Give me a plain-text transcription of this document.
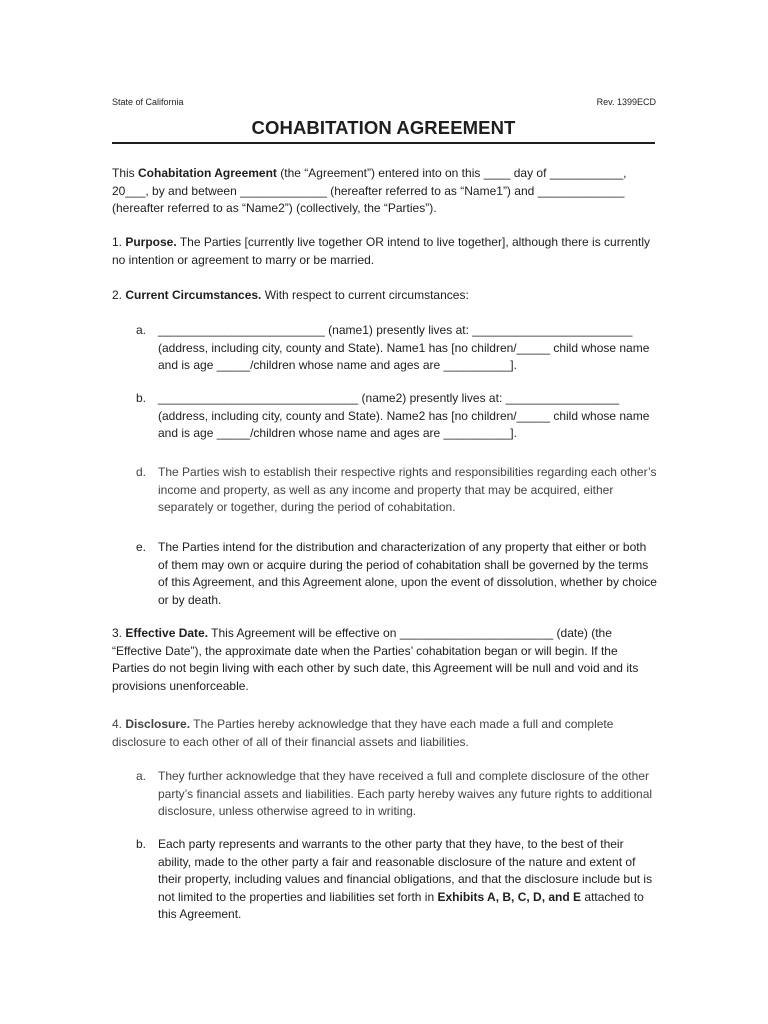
State of California	Rev. 1399ECD
COHABITATION AGREEMENT

This Cohabitation Agreement (the “Agreement”) entered into on this ____ day of ___________, 20___, by and between _____________ (hereafter referred to as “Name1”) and _____________ (hereafter referred to as “Name2”) (collectively, the “Parties”).

1. Purpose. The Parties [currently live together OR intend to live together], although there is currently no intention or agreement to marry or be married.

2. Current Circumstances. With respect to current circumstances:

a. _________________________ (name1) presently lives at: ________________________ (address, including city, county and State). Name1 has [no children/_____ child whose name and is age _____/children whose name and ages are __________].

b. ______________________________ (name2) presently lives at: _________________ (address, including city, county and State). Name2 has [no children/_____ child whose name and is age _____/children whose name and ages are __________].

d. The Parties wish to establish their respective rights and responsibilities regarding each other’s income and property, as well as any income and property that may be acquired, either separately or together, during the period of cohabitation.

e. The Parties intend for the distribution and characterization of any property that either or both of them may own or acquire during the period of cohabitation shall be governed by the terms of this Agreement, and this Agreement alone, upon the event of dissolution, whether by choice or by death.

3. Effective Date. This Agreement will be effective on _______________________ (date) (the “Effective Date”), the approximate date when the Parties’ cohabitation began or will begin. If the Parties do not begin living with each other by such date, this Agreement will be null and void and its provisions unenforceable.

4. Disclosure. The Parties hereby acknowledge that they have each made a full and complete disclosure to each other of all of their financial assets and liabilities.

a. They further acknowledge that they have received a full and complete disclosure of the other party’s financial assets and liabilities. Each party hereby waives any future rights to additional disclosure, unless otherwise agreed to in writing.

b. Each party represents and warrants to the other party that they have, to the best of their ability, made to the other party a fair and reasonable disclosure of the nature and extent of their property, including values and financial obligations, and that the disclosure include but is not limited to the properties and liabilities set forth in Exhibits A, B, C, D, and E attached to this Agreement.
